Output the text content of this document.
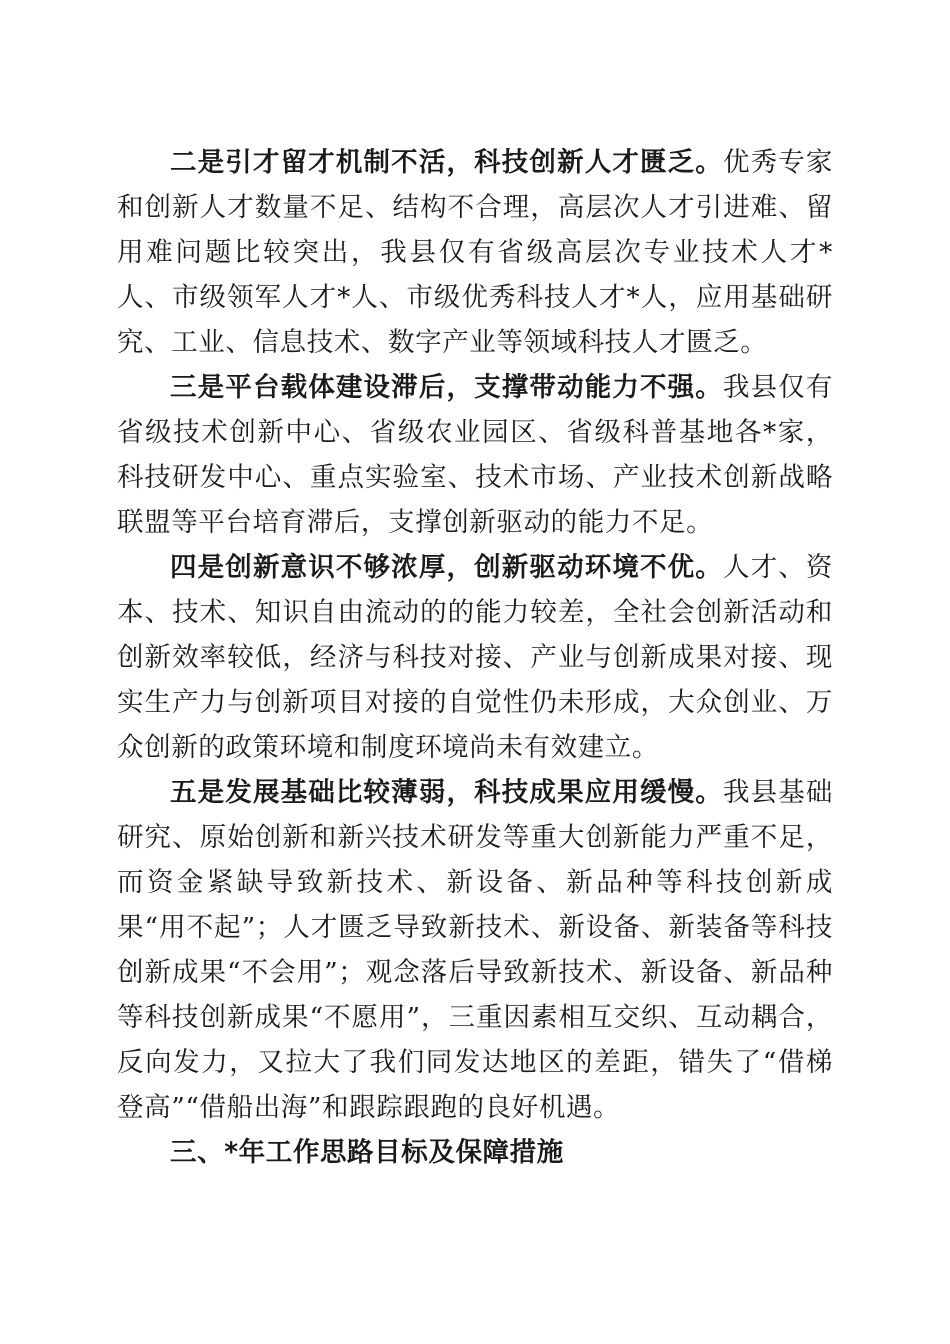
二是引才留才机制不活，科技创新人才匮乏。优秀专家和创新人才数量不足、结构不合理，高层次人才引进难、留用难问题比较突出，我县仅有省级高层次专业技术人才*人、市级领军人才*人、市级优秀科技人才*人，应用基础研究、工业、信息技术、数字产业等领域科技人才匮乏。

三是平台载体建设滞后，支撑带动能力不强。我县仅有省级技术创新中心、省级农业园区、省级科普基地各*家，科技研发中心、重点实验室、技术市场、产业技术创新战略联盟等平台培育滞后，支撑创新驱动的能力不足。

四是创新意识不够浓厚，创新驱动环境不优。人才、资本、技术、知识自由流动的的能力较差，全社会创新活动和创新效率较低，经济与科技对接、产业与创新成果对接、现实生产力与创新项目对接的自觉性仍未形成，大众创业、万众创新的政策环境和制度环境尚未有效建立。

五是发展基础比较薄弱，科技成果应用缓慢。我县基础研究、原始创新和新兴技术研发等重大创新能力严重不足，而资金紧缺导致新技术、新设备、新品种等科技创新成果“用不起”；人才匮乏导致新技术、新设备、新装备等科技创新成果“不会用”；观念落后导致新技术、新设备、新品种等科技创新成果“不愿用”，三重因素相互交织、互动耦合，反向发力，又拉大了我们同发达地区的差距，错失了“借梯登高”“借船出海”和跟踪跟跑的良好机遇。

三、*年工作思路目标及保障措施
